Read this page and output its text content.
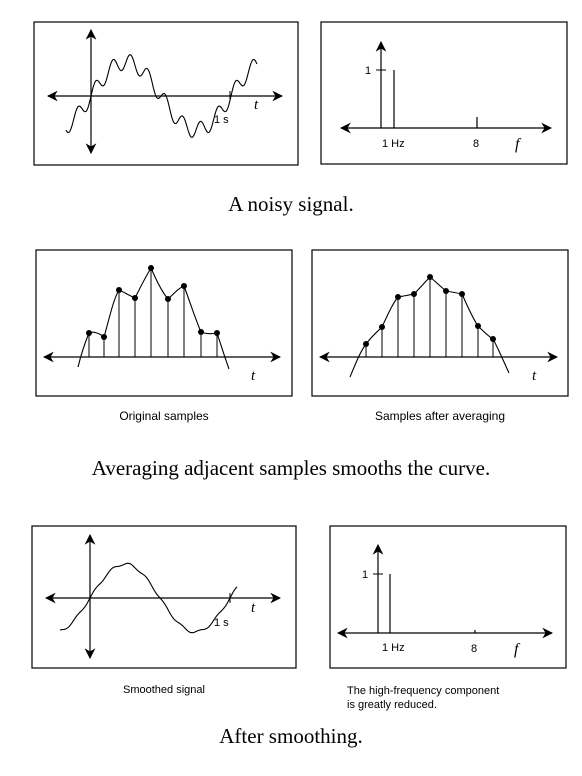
1 s
t
1
1 Hz	8 f
t	t
1 s
t
1
1 Hz	8 f
A noisy signal.
Original samples	Samples after averaging
Averaging adjacent samples smooths the curve.
Smoothed signal	The high-frequency component
is greatly reduced.
After smoothing.
